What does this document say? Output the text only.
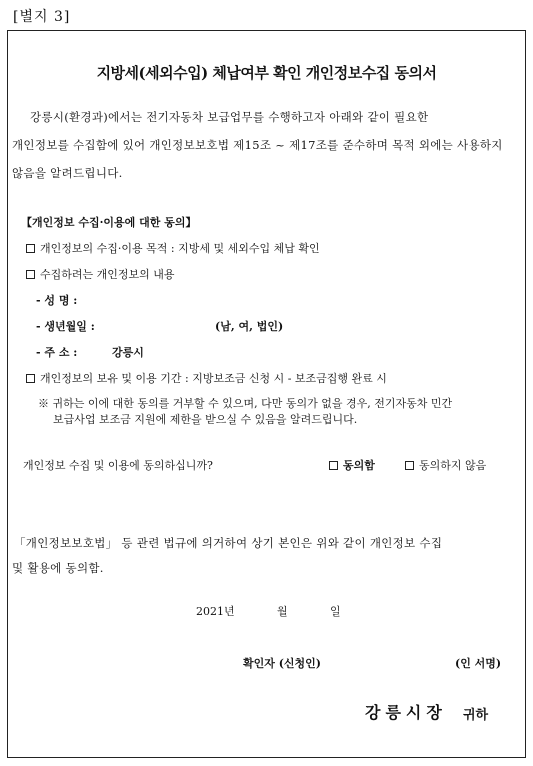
[별지 3]
지방세(세외수입) 체납여부 확인 개인정보수집 동의서
강릉시(환경과)에서는 전기자동차 보급업무를 수행하고자 아래와 같이 필요한
개인정보를 수집함에 있어 개인정보보호법 제15조 ~ 제17조를 준수하며 목적 외에는 사용하지
않음을 알려드립니다.
【개인정보 수집·이용에 대한 동의】
개인정보의 수집·이용 목적 : 지방세 및 세외수입 체납 확인
수집하려는 개인정보의 내용
- 성 명 :
- 생년월일 :	(남, 여, 법인)
- 주 소 :	강릉시
개인정보의 보유 및 이용 기간 : 지방보조금 신청 시 - 보조금집행 완료 시
※ 귀하는 이에 대한 동의를 거부할 수 있으며, 다만 동의가 없을 경우, 전기자동차 민간
보급사업 보조금 지원에 제한을 받으실 수 있음을 알려드립니다.
개인정보 수집 및 이용에 동의하십니까?	동의함	동의하지 않음
「개인정보보호법」 등 관련 법규에 의거하여 상기 본인은 위와 같이 개인정보 수집
및 활용에 동의함.
2021년	월	일
확인자 (신청인)	(인 서명)
강릉시장 귀하
